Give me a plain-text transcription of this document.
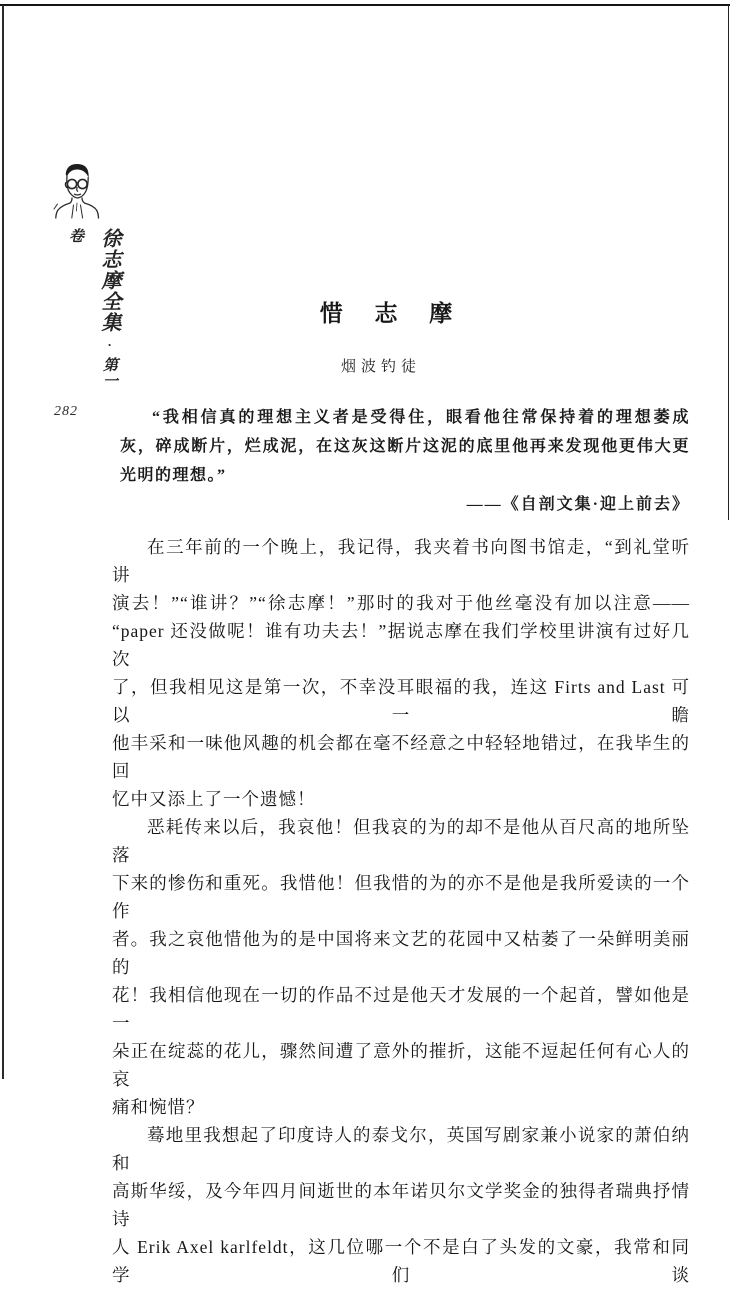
徐志摩全集·第一卷
282
惜 志 摩
烟波钓徒
“我相信真的理想主义者是受得住，眼看他往常保持着的理想萎成
灰，碎成断片，烂成泥，在这灰这断片这泥的底里他再来发现他更伟大更
光明的理想。”
——《自剖文集·迎上前去》
在三年前的一个晚上，我记得，我夹着书向图书馆走，“到礼堂听讲
演去！”“谁讲？”“徐志摩！”那时的我对于他丝毫没有加以注意——
“paper 还没做呢！谁有功夫去！”据说志摩在我们学校里讲演有过好几次
了，但我相见这是第一次，不幸没耳眼福的我，连这 Firts and Last 可以一瞻
他丰采和一味他风趣的机会都在毫不经意之中轻轻地错过，在我毕生的回
忆中又添上了一个遗憾！
恶耗传来以后，我哀他！但我哀的为的却不是他从百尺高的地所坠落
下来的惨伤和重死。我惜他！但我惜的为的亦不是他是我所爱读的一个作
者。我之哀他惜他为的是中国将来文艺的花园中又枯萎了一朵鲜明美丽的
花！我相信他现在一切的作品不过是他天才发展的一个起首，譬如他是一
朵正在绽蕊的花儿，骤然间遭了意外的摧折，这能不逗起任何有心人的哀
痛和惋惜？
蓦地里我想起了印度诗人的泰戈尔，英国写剧家兼小说家的萧伯纳和
高斯华绥，及今年四月间逝世的本年诺贝尔文学奖金的独得者瑞典抒情诗
人 Erik Axel karlfeldt，这几位哪一个不是白了头发的文豪，我常和同学们谈
